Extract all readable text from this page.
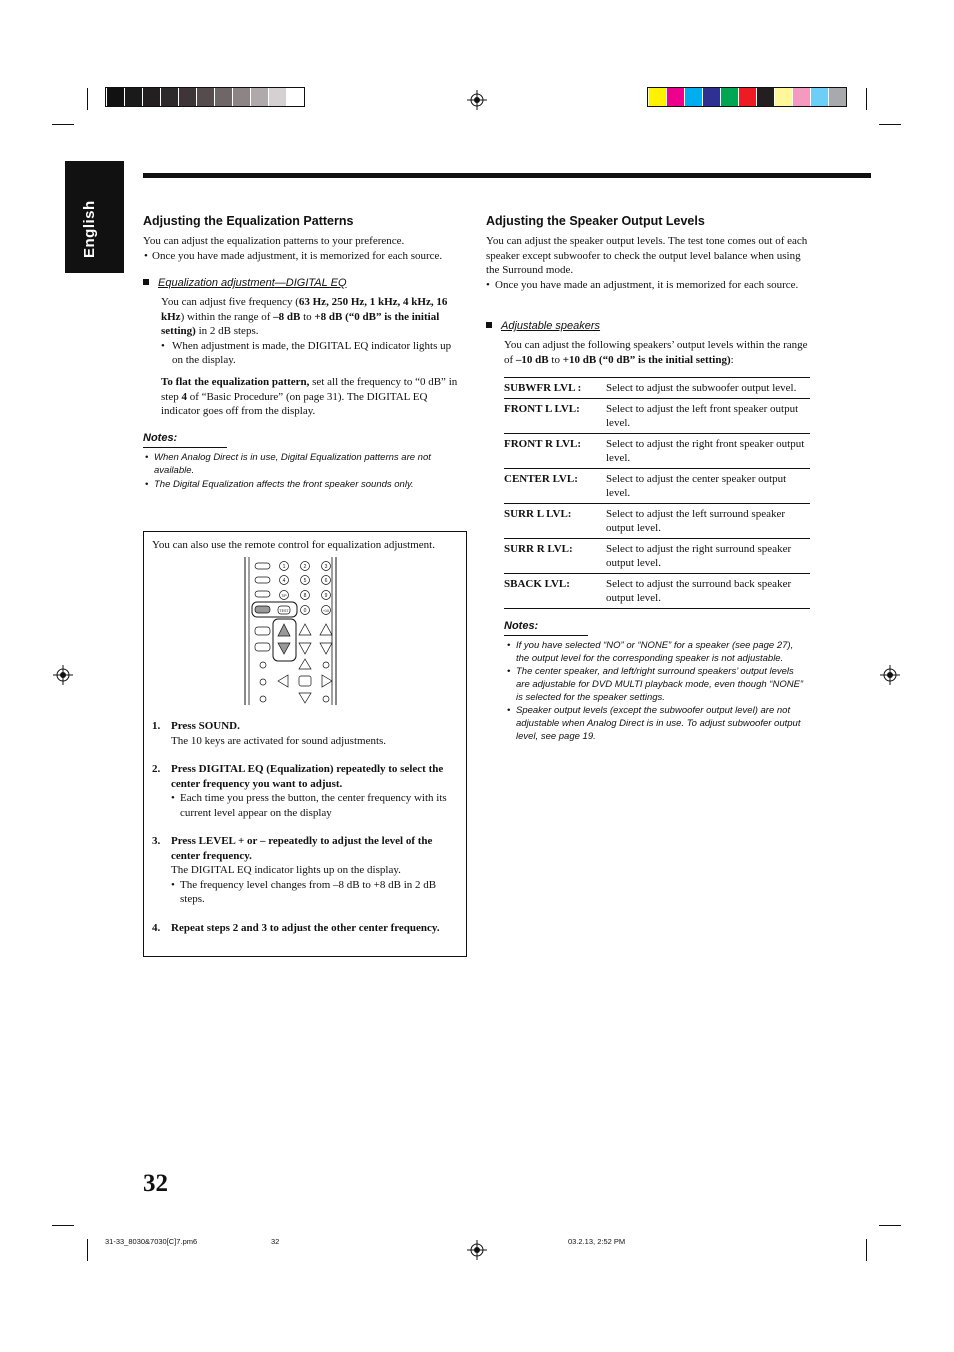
English	Adjusting the Equalization Patterns
You can adjust the equalization patterns to your preference.
• Once you have made adjustment, it is memorized for each source.
Equalization adjustment—DIGITAL EQ
You can adjust five frequency (63 Hz, 250 Hz, 1 kHz, 4 kHz, 16 kHz) within the range of –8 dB to +8 dB (“0 dB” is the initial setting) in 2 dB steps.
• When adjustment is made, the DIGITAL EQ indicator lights up on the display.
To flat the equalization pattern, set all the frequency to “0 dB” in step 4 of “Basic Procedure” (on page 31). The DIGITAL EQ indicator goes off from the display.
Notes:
• When Analog Direct is in use, Digital Equalization patterns are not available.
• The Digital Equalization affects the front speaker sounds only.
You can also use the remote control for equalization adjustment.
1	2	3
4	5	6
7/P	8	9
TEST	0	+10
1. Press SOUND.
The 10 keys are activated for sound adjustments.
2. Press DIGITAL EQ (Equalization) repeatedly to select the center frequency you want to adjust.
• Each time you press the button, the center frequency with its current level appear on the display
3. Press LEVEL + or – repeatedly to adjust the level of the center frequency.
The DIGITAL EQ indicator lights up on the display.
• The frequency level changes from –8 dB to +8 dB in 2 dB steps.
4. Repeat steps 2 and 3 to adjust the other center frequency.
Adjusting the Speaker Output Levels
You can adjust the speaker output levels. The test tone comes out of each speaker except subwoofer to check the output level balance when using the Surround mode.
• Once you have made an adjustment, it is memorized for each source.
Adjustable speakers
You can adjust the following speakers’ output levels within the range of –10 dB to +10 dB (“0 dB” is the initial setting):
SUBWFR LVL :	Select to adjust the subwoofer output level.
FRONT L LVL:	Select to adjust the left front speaker output level.
FRONT R LVL:	Select to adjust the right front speaker output level.
CENTER LVL:	Select to adjust the center speaker output level.
SURR L LVL:	Select to adjust the left surround speaker output level.
SURR R LVL:	Select to adjust the right surround speaker output level.
SBACK LVL:	Select to adjust the surround back speaker output level.
Notes:
• If you have selected “NO” or “NONE” for a speaker (see page 27), the output level for the corresponding speaker is not adjustable.
• The center speaker, and left/right surround speakers’ output levels are adjustable for DVD MULTI playback mode, even though “NONE” is selected for the speaker settings.
• Speaker output levels (except the subwoofer output level) are not adjustable when Analog Direct is in use. To adjust subwoofer output level, see page 19.
32
31-33_8030&7030[C]7.pm6	32	03.2.13, 2:52 PM
